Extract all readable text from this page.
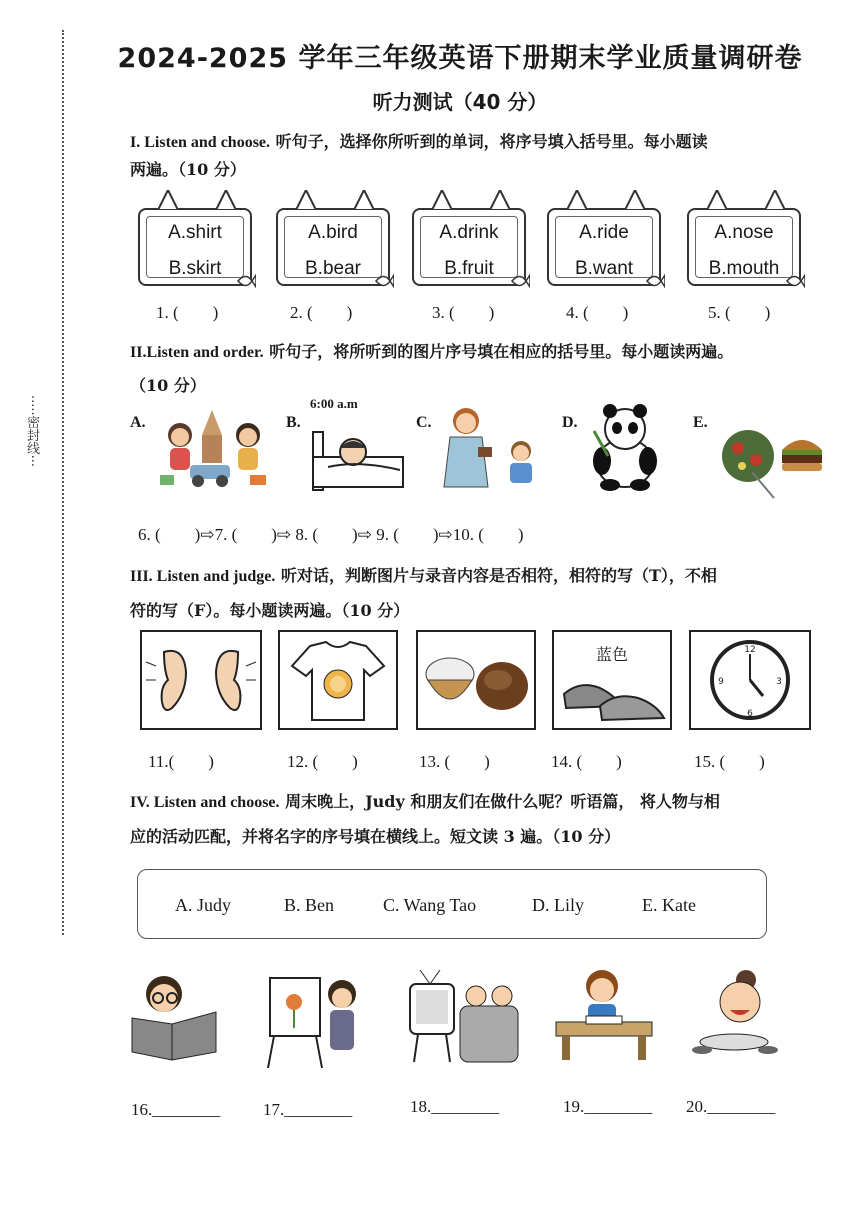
·····密封线···
2024-2025 学年三年级英语下册期末学业质量调研卷
听力测试（40 分）
I. Listen and choose. 听句子，选择你所听到的单词，将序号填入括号里。每小题读
两遍。（10 分）
A.shirt
B.skirt
1. (        )
A.bird
B.bear
2. (        )
A.drink
B.fruit
3. (        )
A.ride
B.want
4. (        )
A.nose
B.mouth
5. (        )
II.Listen and order. 听句子，将所听到的图片序号填在相应的括号里。每小题读两遍。
（10 分）
A.	B.	C.	D.	E.
6:00 a.m
6. (        )⇨7. (        )⇨ 8. (        )⇨ 9. (        )⇨10. (        )
III. Listen and judge. 听对话，判断图片与录音内容是否相符，相符的写（T），不相
符的写（F）。每小题读两遍。（10 分）
蓝色	12
3
6
9
11.(        )	12. (        )	13. (        )	14. (        )	15. (        )
IV. Listen and choose. 周末晚上，Judy 和朋友们在做什么呢？听语篇， 将人物与相
应的活动匹配，并将名字的序号填在横线上。短文读 3 遍。（10 分）
A. Judy	B. Ben	C. Wang Tao	D. Lily	E. Kate
16.________	17.________	18.________	19.________ 20.________
